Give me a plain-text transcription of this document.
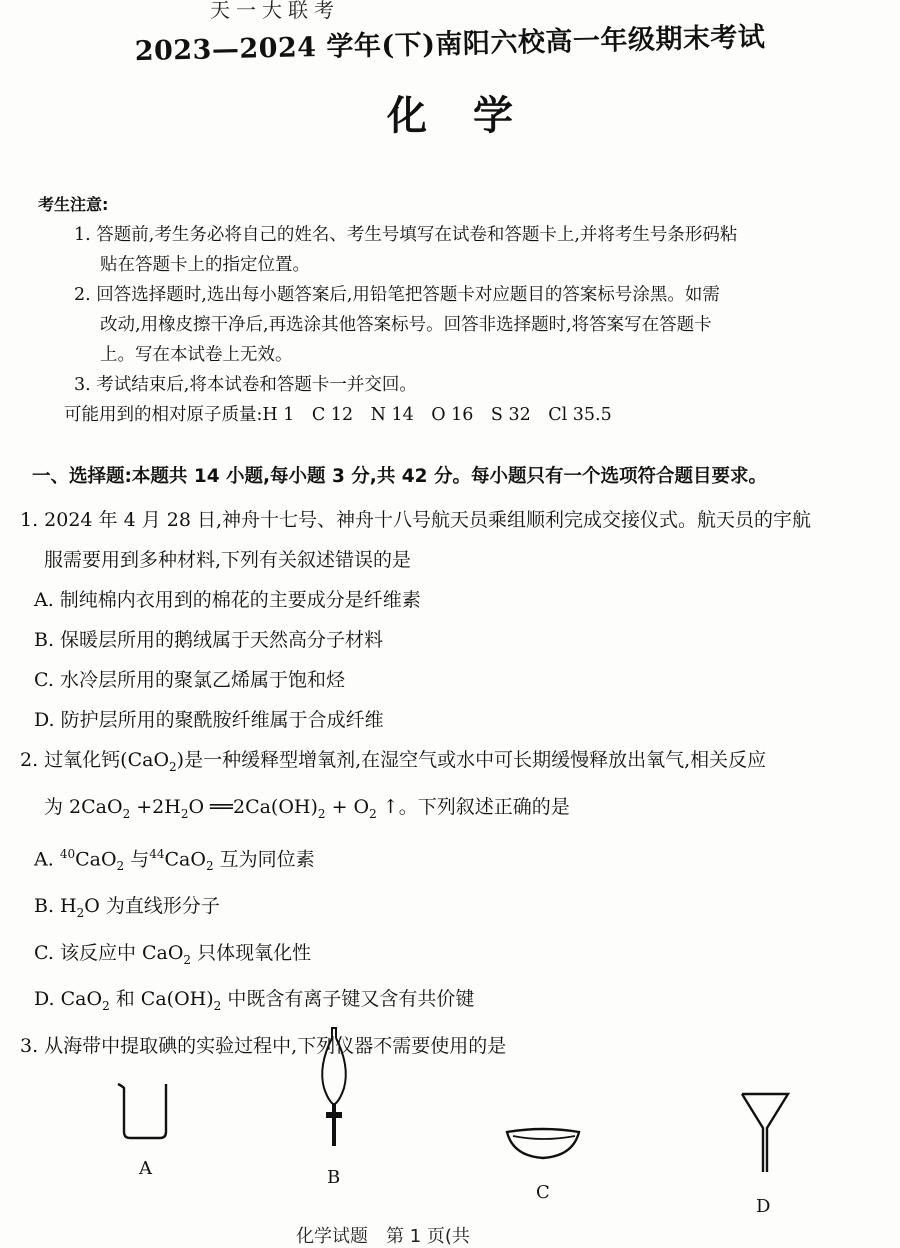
天一大联考
2023—2024 学年(下)南阳六校高一年级期末考试
化学
考生注意:
1. 答题前,考生务必将自己的姓名、考生号填写在试卷和答题卡上,并将考生号条形码粘
贴在答题卡上的指定位置。
2. 回答选择题时,选出每小题答案后,用铅笔把答题卡对应题目的答案标号涂黑。如需
改动,用橡皮擦干净后,再选涂其他答案标号。回答非选择题时,将答案写在答题卡
上。写在本试卷上无效。
3. 考试结束后,将本试卷和答题卡一并交回。
可能用到的相对原子质量:H 1　C 12　N 14　O 16　S 32　Cl 35.5
一、选择题:本题共 14 小题,每小题 3 分,共 42 分。每小题只有一个选项符合题目要求。
1. 2024 年 4 月 28 日,神舟十七号、神舟十八号航天员乘组顺利完成交接仪式。航天员的宇航
服需要用到多种材料,下列有关叙述错误的是
A. 制纯棉内衣用到的棉花的主要成分是纤维素
B. 保暖层所用的鹅绒属于天然高分子材料
C. 水冷层所用的聚氯乙烯属于饱和烃
D. 防护层所用的聚酰胺纤维属于合成纤维
2. 过氧化钙(CaO$_2$)是一种缓释型增氧剂,在湿空气或水中可长期缓慢释放出氧气,相关反应
为 $2CaO_2 +2H_2O$ $══2Ca(OH)_2 + O_2$ ↑。下列叙述正确的是
A. $^{40}$CaO$_2$ 与$^{44}$CaO$_2$ 互为同位素
B. $H_2O$ 为直线形分子
C. 该反应中 CaO$_2$ 只体现氧化性
D. CaO$_2$ 和 $Ca(OH)_2$ 中既含有离子键又含有共价键
3. 从海带中提取碘的实验过程中,下列仪器不需要使用的是
A	B
C
D
化学试题　第 1 页(共
